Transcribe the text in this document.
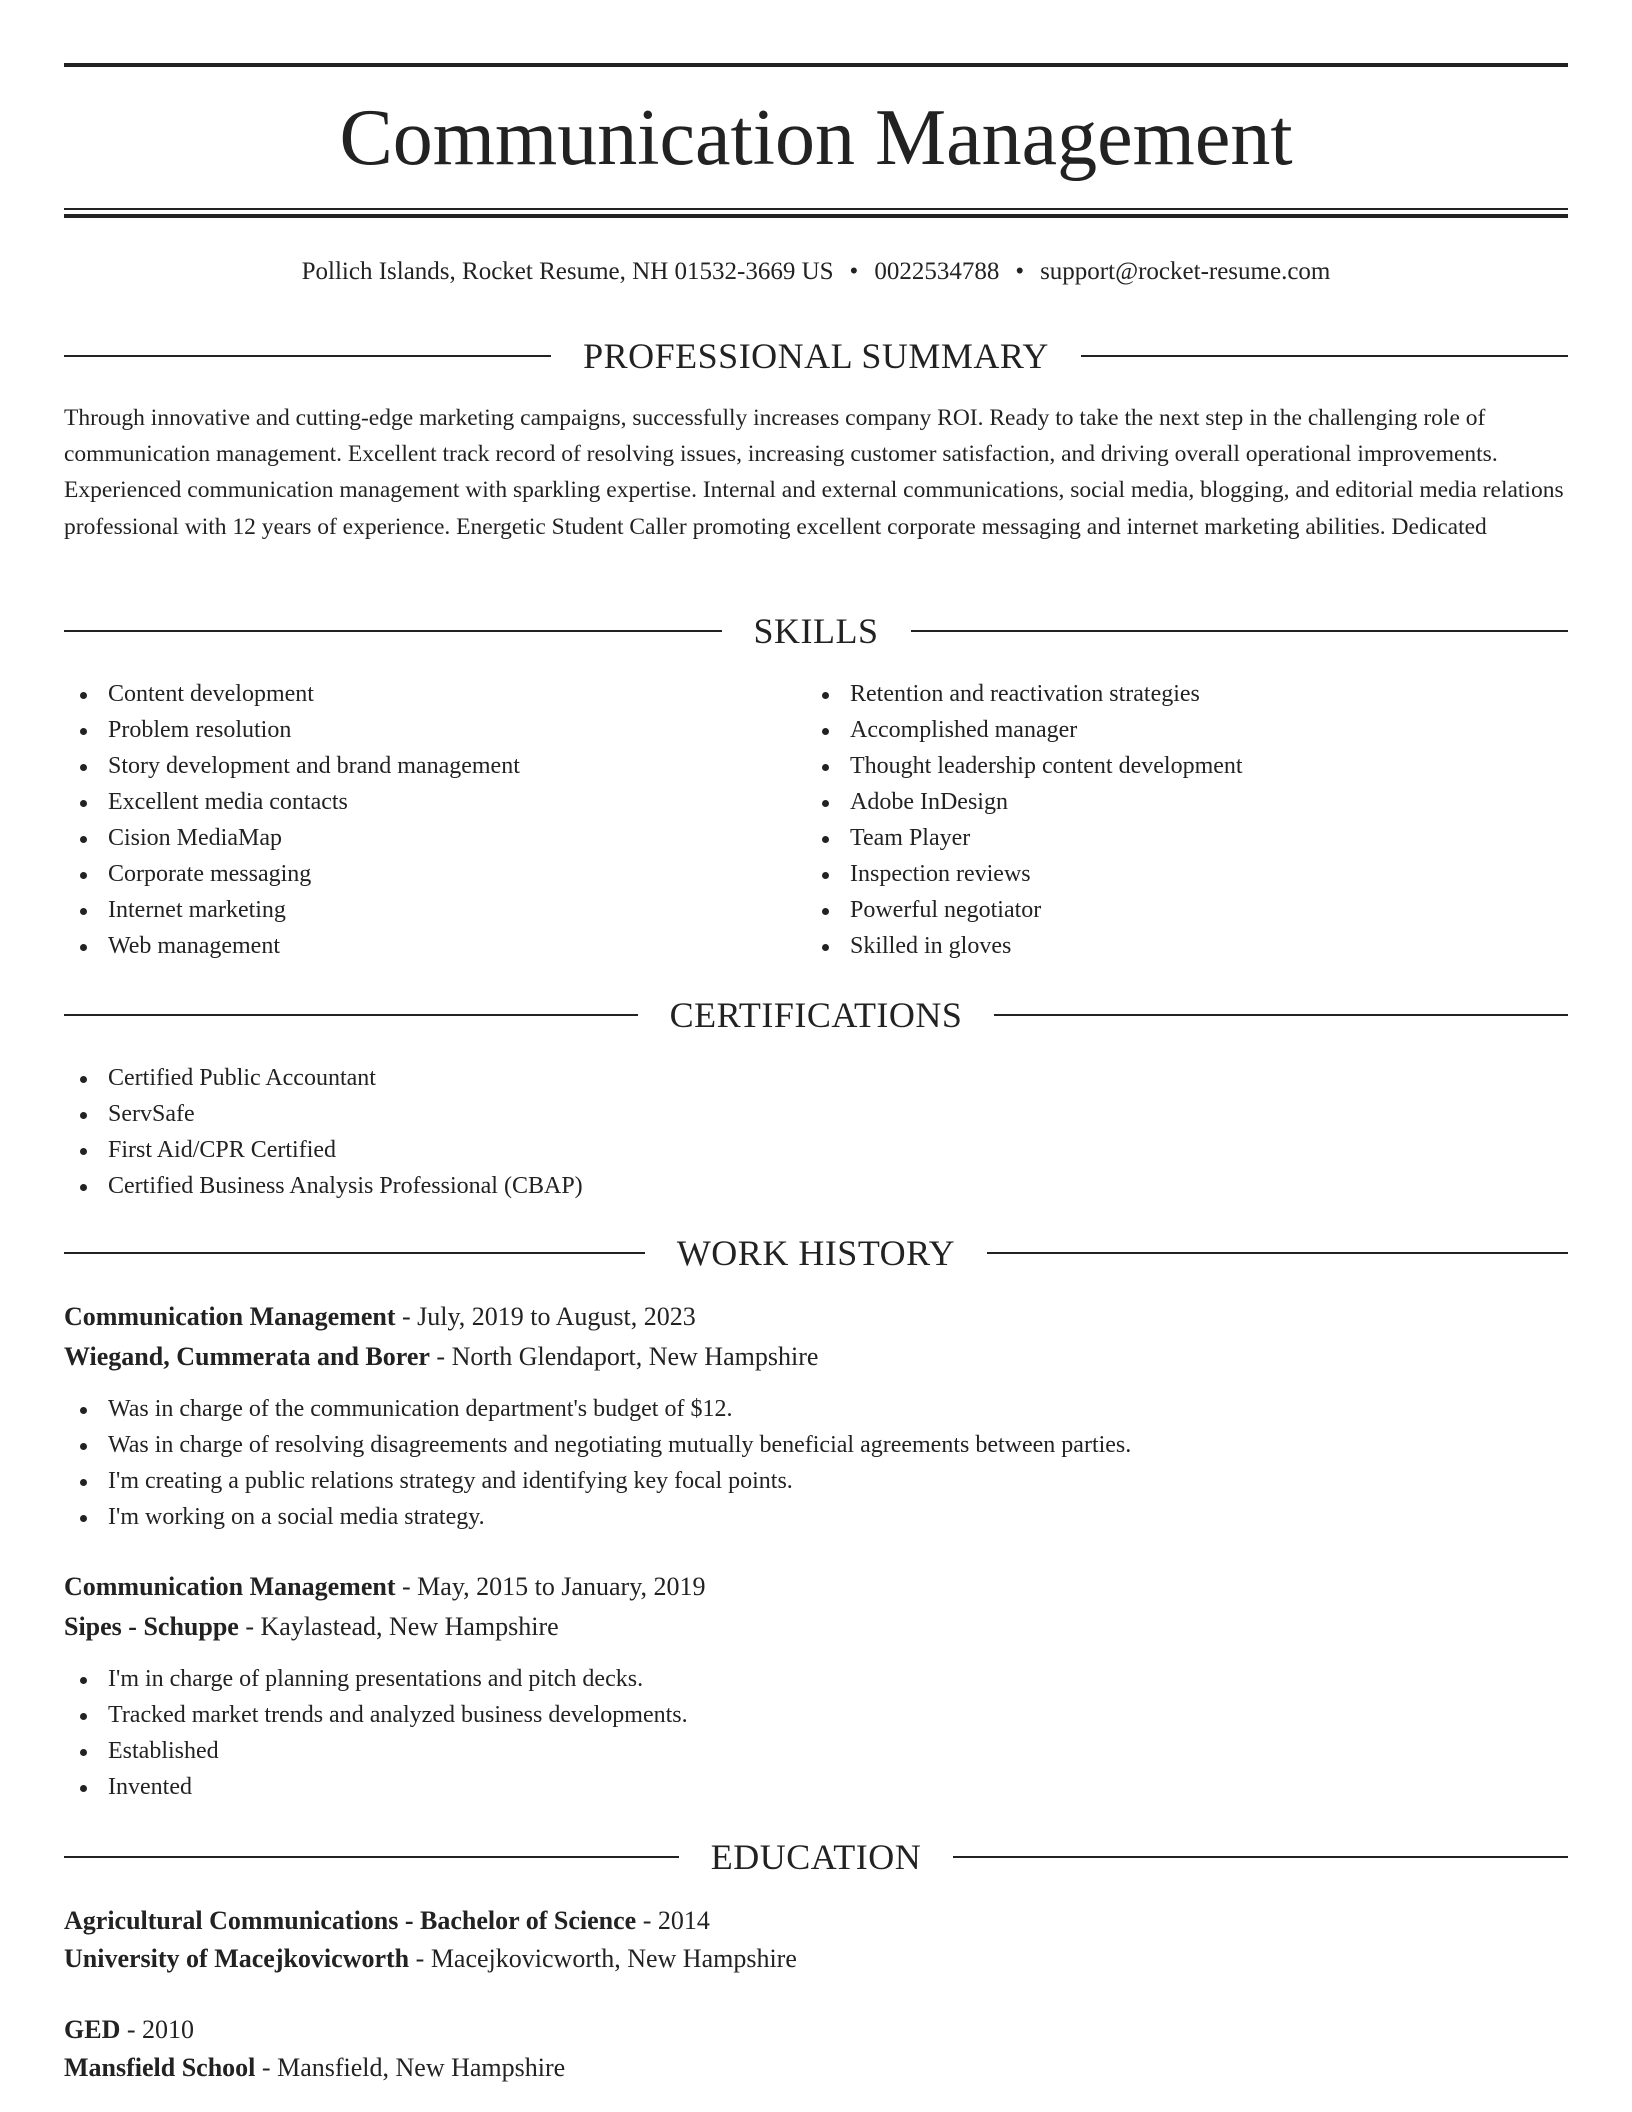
Communication Management
Pollich Islands, Rocket Resume, NH 01532-3669 US • 0022534788 • support@rocket-resume.com
PROFESSIONAL SUMMARY

Through innovative and cutting-edge marketing campaigns, successfully increases company ROI. Ready to take the next step in the challenging role of communication management. Excellent track record of resolving issues, increasing customer satisfaction, and driving overall operational improvements. Experienced communication management with sparkling expertise. Internal and external communications, social media, blogging, and editorial media relations professional with 12 years of experience. Energetic Student Caller promoting excellent corporate messaging and internet marketing abilities. Dedicated

SKILLS
Content development
Problem resolution
Story development and brand management
Excellent media contacts
Cision MediaMap
Corporate messaging
Internet marketing
Web management
Retention and reactivation strategies
Accomplished manager
Thought leadership content development
Adobe InDesign
Team Player
Inspection reviews
Powerful negotiator
Skilled in gloves
CERTIFICATIONS
Certified Public Accountant
ServSafe
First Aid/CPR Certified
Certified Business Analysis Professional (CBAP)
WORK HISTORY
Communication Management - July, 2019 to August, 2023
Wiegand, Cummerata and Borer - North Glendaport, New Hampshire
Was in charge of the communication department's budget of $12.
Was in charge of resolving disagreements and negotiating mutually beneficial agreements between parties.
I'm creating a public relations strategy and identifying key focal points.
I'm working on a social media strategy.
Communication Management - May, 2015 to January, 2019
Sipes - Schuppe - Kaylastead, New Hampshire
I'm in charge of planning presentations and pitch decks.
Tracked market trends and analyzed business developments.
Established
Invented
EDUCATION
Agricultural Communications - Bachelor of Science - 2014
University of Macejkovicworth - Macejkovicworth, New Hampshire
GED - 2010
Mansfield School - Mansfield, New Hampshire
